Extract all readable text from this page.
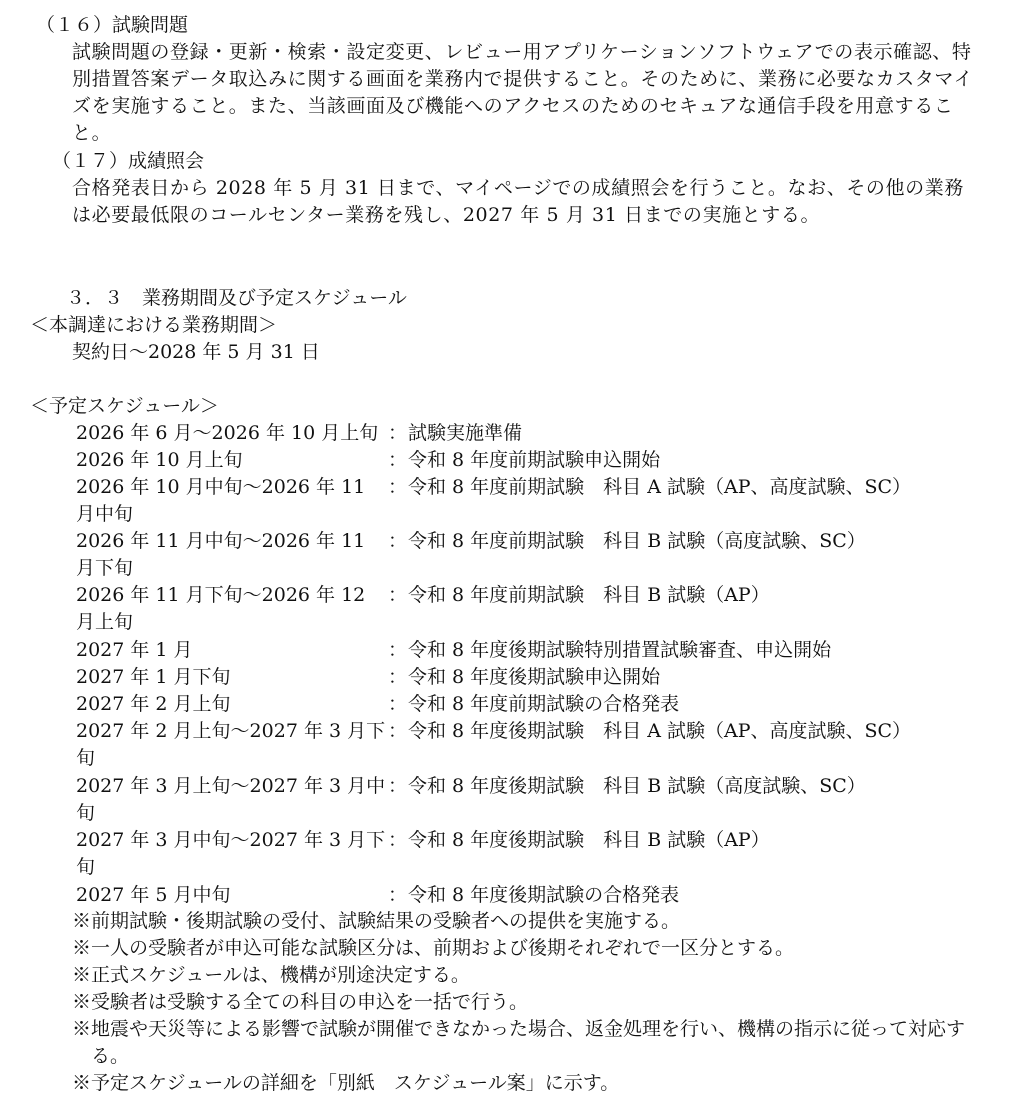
（１６）試験問題
試験問題の登録・更新・検索・設定変更、レビュー用アプリケーションソフトウェアでの表示確認、特別措置答案データ取込みに関する画面を業務内で提供すること。そのために、業務に必要なカスタマイズを実施すること。また、当該画面及び機能へのアクセスのためのセキュアな通信手段を用意すること。
（１７）成績照会
合格発表日から 2028 年 5 月 31 日まで、マイページでの成績照会を行うこと。なお、その他の業務は必要最低限のコールセンター業務を残し、2027 年 5 月 31 日までの実施とする。
３．３　業務期間及び予定スケジュール
＜本調達における業務期間＞
契約日～2028 年 5 月 31 日
＜予定スケジュール＞
2026 年 6 月～2026 年 10 月上旬 ： 試験実施準備
2026 年 10 月上旬	： 令和 8 年度前期試験申込開始
2026 年 10 月中旬～2026 年 11 月中旬
： 令和 8 年度前期試験　科目 A 試験（AP、高度試験、SC）
2026 年 11 月中旬～2026 年 11 月下旬
： 令和 8 年度前期試験　科目 B 試験（高度試験、SC）
2026 年 11 月下旬～2026 年 12 月上旬
： 令和 8 年度前期試験　科目 B 試験（AP）
2027 年 1 月	： 令和 8 年度後期試験特別措置試験審査、申込開始
2027 年 1 月下旬	： 令和 8 年度後期試験申込開始
2027 年 2 月上旬	： 令和 8 年度前期試験の合格発表
2027 年 2 月上旬～2027 年 3 月下旬
： 令和 8 年度後期試験　科目 A 試験（AP、高度試験、SC）
2027 年 3 月上旬～2027 年 3 月中旬
： 令和 8 年度後期試験　科目 B 試験（高度試験、SC）
2027 年 3 月中旬～2027 年 3 月下旬
： 令和 8 年度後期試験　科目 B 試験（AP）
2027 年 5 月中旬	： 令和 8 年度後期試験の合格発表
※前期試験・後期試験の受付、試験結果の受験者への提供を実施する。
※一人の受験者が申込可能な試験区分は、前期および後期それぞれで一区分とする。
※正式スケジュールは、機構が別途決定する。
※受験者は受験する全ての科目の申込を一括で行う。
※地震や天災等による影響で試験が開催できなかった場合、返金処理を行い、機構の指示に従って対応する。
※予定スケジュールの詳細を「別紙　スケジュール案」に示す。
